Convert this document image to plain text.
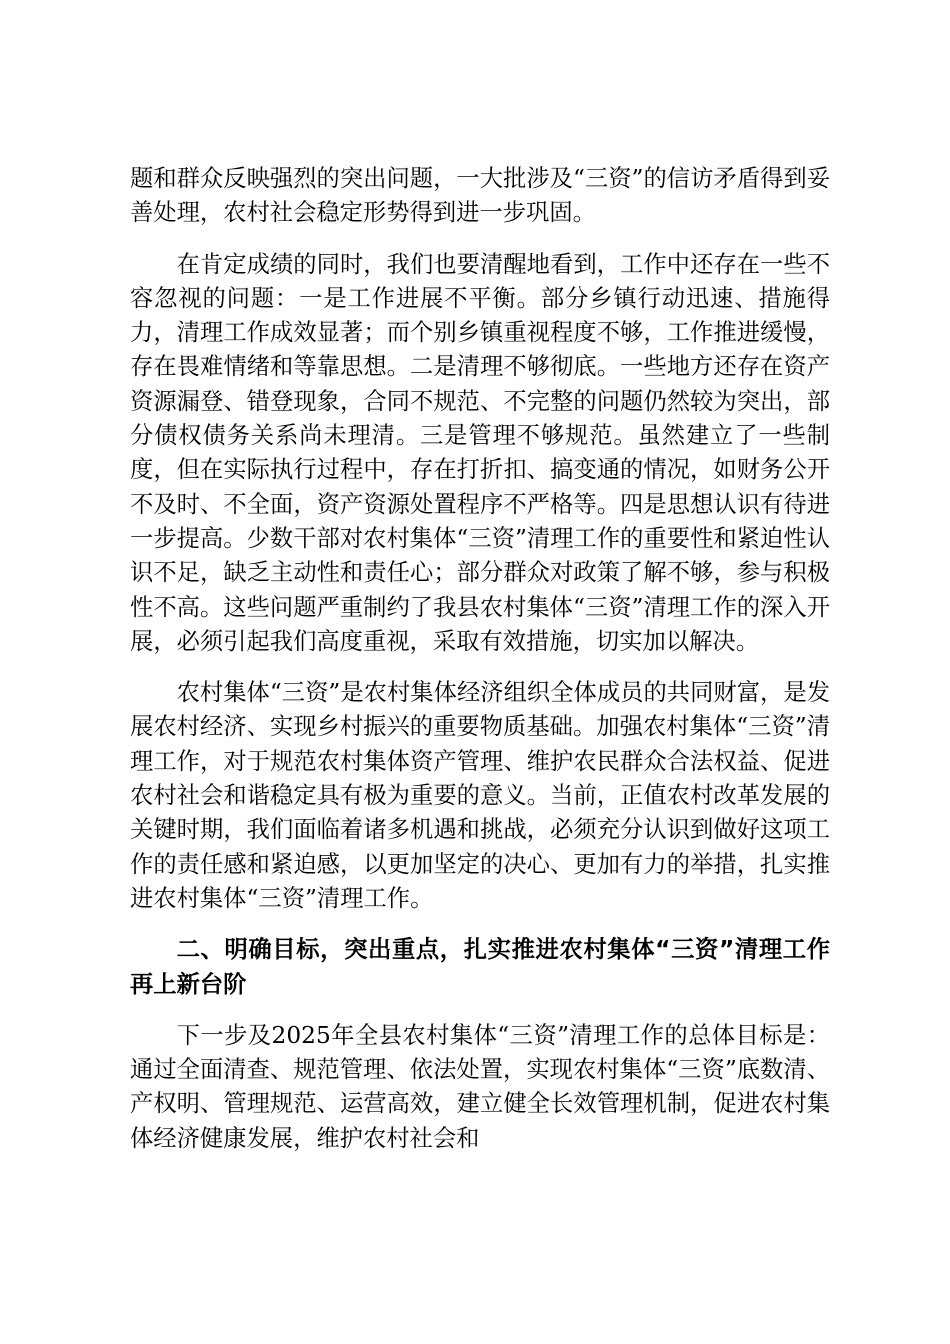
题和群众反映强烈的突出问题，一大批涉及“三资”的信访矛盾得到妥善处理，农村社会稳定形势得到进一步巩固。

在肯定成绩的同时，我们也要清醒地看到，工作中还存在一些不容忽视的问题：一是工作进展不平衡。部分乡镇行动迅速、措施得力，清理工作成效显著；而个别乡镇重视程度不够，工作推进缓慢，存在畏难情绪和等靠思想。二是清理不够彻底。一些地方还存在资产资源漏登、错登现象，合同不规范、不完整的问题仍然较为突出，部分债权债务关系尚未理清。三是管理不够规范。虽然建立了一些制度，但在实际执行过程中，存在打折扣、搞变通的情况，如财务公开不及时、不全面，资产资源处置程序不严格等。四是思想认识有待进一步提高。少数干部对农村集体“三资”清理工作的重要性和紧迫性认识不足，缺乏主动性和责任心；部分群众对政策了解不够，参与积极性不高。这些问题严重制约了我县农村集体“三资”清理工作的深入开展，必须引起我们高度重视，采取有效措施，切实加以解决。

农村集体“三资”是农村集体经济组织全体成员的共同财富，是发展农村经济、实现乡村振兴的重要物质基础。加强农村集体“三资”清理工作，对于规范农村集体资产管理、维护农民群众合法权益、促进农村社会和谐稳定具有极为重要的意义。当前，正值农村改革发展的关键时期，我们面临着诸多机遇和挑战，必须充分认识到做好这项工作的责任感和紧迫感，以更加坚定的决心、更加有力的举措，扎实推进农村集体“三资”清理工作。

二、明确目标，突出重点，扎实推进农村集体“三资”清理工作再上新台阶

下一步及2025年全县农村集体“三资”清理工作的总体目标是：通过全面清查、规范管理、依法处置，实现农村集体“三资”底数清、产权明、管理规范、运营高效，建立健全长效管理机制，促进农村集体经济健康发展，维护农村社会和
